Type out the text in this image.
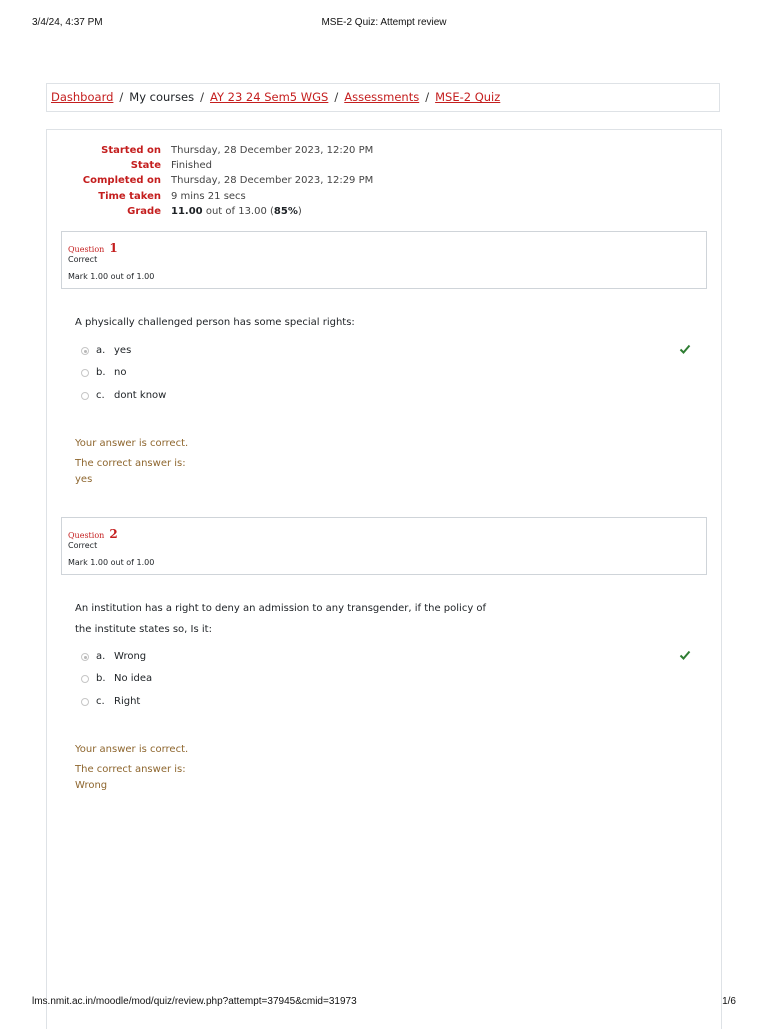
3/4/24, 4:37 PM	MSE-2 Quiz: Attempt review
Dashboard / My courses / AY 23 24 Sem5 WGS / Assessments / MSE-2 Quiz
Started on Thursday, 28 December 2023, 12:20 PM
State Finished
Completed on Thursday, 28 December 2023, 12:29 PM
Time taken 9 mins 21 secs
Grade 11.00 out of 13.00 (85%)
Question 1
Correct
Mark 1.00 out of 1.00
A physically challenged person has some special rights:
a. yes
b. no
c. dont know
Your answer is correct.
The correct answer is:
yes
Question 2
Correct
Mark 1.00 out of 1.00
An institution has a right to deny an admission to any transgender, if the policy of
the institute states so, Is it:
a. Wrong
b. No idea
c. Right
Your answer is correct.
The correct answer is:
Wrong
lms.nmit.ac.in/moodle/mod/quiz/review.php?attempt=37945&cmid=31973	1/6
